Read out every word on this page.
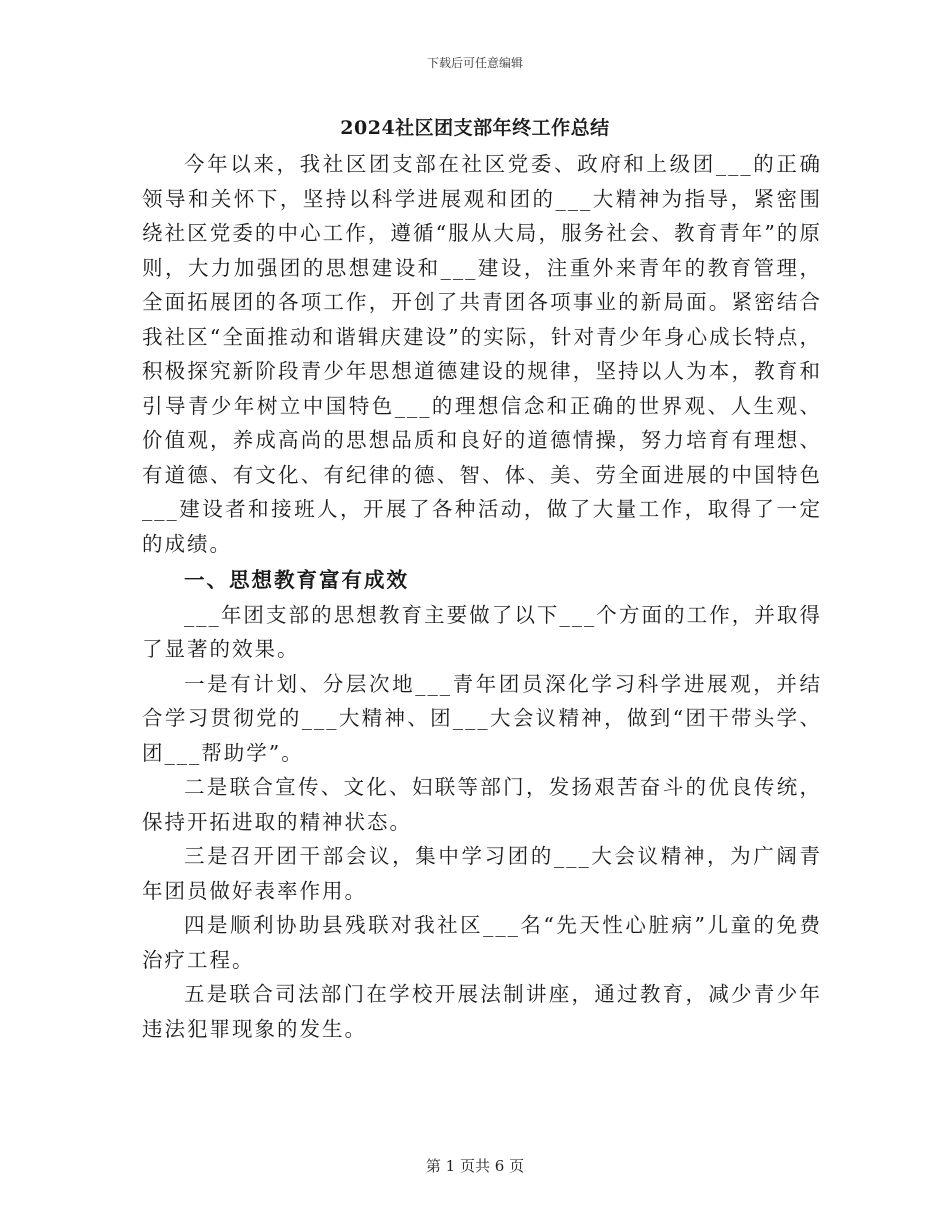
下载后可任意编辑
2024社区团支部年终工作总结

今年以来，我社区团支部在社区党委、政府和上级团___的正确领导和关怀下，坚持以科学进展观和团的___大精神为指导，紧密围绕社区党委的中心工作，遵循“服从大局，服务社会、教育青年”的原则，大力加强团的思想建设和___建设，注重外来青年的教育管理，全面拓展团的各项工作，开创了共青团各项事业的新局面。紧密结合我社区“全面推动和谐辑庆建设”的实际，针对青少年身心成长特点，积极探究新阶段青少年思想道德建设的规律，坚持以人为本，教育和引导青少年树立中国特色___的理想信念和正确的世界观、人生观、价值观，养成高尚的思想品质和良好的道德情操，努力培育有理想、有道德、有文化、有纪律的德、智、体、美、劳全面进展的中国特色___建设者和接班人，开展了各种活动，做了大量工作，取得了一定的成绩。

一、思想教育富有成效

___年团支部的思想教育主要做了以下___个方面的工作，并取得了显著的效果。

一是有计划、分层次地___青年团员深化学习科学进展观，并结合学习贯彻党的___大精神、团___大会议精神，做到“团干带头学、团___帮助学”。

二是联合宣传、文化、妇联等部门，发扬艰苦奋斗的优良传统，保持开拓进取的精神状态。

三是召开团干部会议，集中学习团的___大会议精神，为广阔青年团员做好表率作用。

四是顺利协助县残联对我社区___名“先天性心脏病”儿童的免费治疗工程。

五是联合司法部门在学校开展法制讲座，通过教育，减少青少年违法犯罪现象的发生。

第 1 页共 6 页
